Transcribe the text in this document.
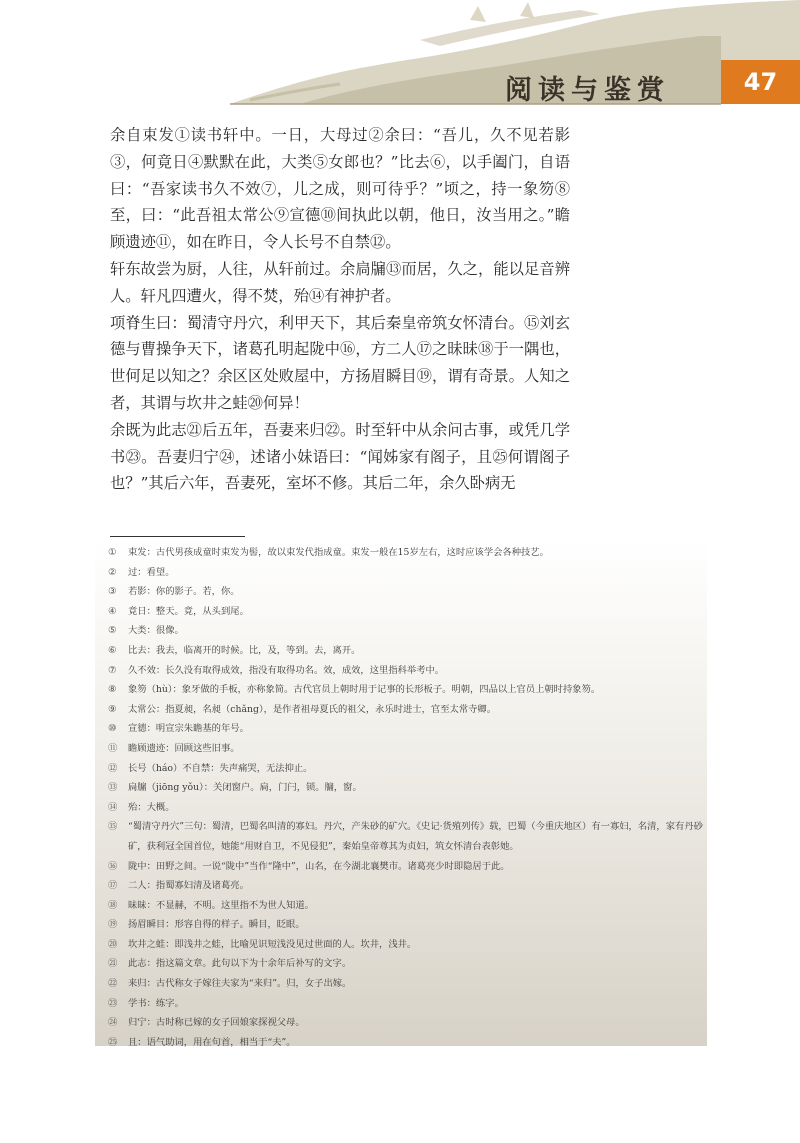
阅读与鉴赏	47

余自束发①读书轩中。一日，大母过②余曰：“吾儿，久不见若影③，何竟日④默默在此，大类⑤女郎也？”比去⑥，以手阖门，自语曰：“吾家读书久不效⑦，儿之成，则可待乎？”顷之，持一象笏⑧至，曰：“此吾祖太常公⑨宣德⑩间执此以朝，他日，汝当用之。”瞻顾遗迹⑪，如在昨日，令人长号不自禁⑫。

轩东故尝为厨，人往，从轩前过。余扃牖⑬而居，久之，能以足音辨人。轩凡四遭火，得不焚，殆⑭有神护者。

项脊生曰：蜀清守丹穴，利甲天下，其后秦皇帝筑女怀清台。⑮刘玄德与曹操争天下，诸葛孔明起陇中⑯，方二人⑰之昧昧⑱于一隅也，世何足以知之？余区区处败屋中，方扬眉瞬目⑲，谓有奇景。人知之者，其谓与坎井之蛙⑳何异！

余既为此志㉑后五年，吾妻来归㉒。时至轩中从余问古事，或凭几学书㉓。吾妻归宁㉔，述诸小妹语曰：“闻姊家有阁子，且㉕何谓阁子也？”其后六年，吾妻死，室坏不修。其后二年，余久卧病无

① 束发：古代男孩成童时束发为髻，故以束发代指成童。束发一般在15岁左右，这时应该学会各种技艺。
② 过：看望。
③ 若影：你的影子。若，你。
④ 竟日：整天。竟，从头到尾。
⑤ 大类：很像。
⑥ 比去：我去，临离开的时候。比，及，等到。去，离开。
⑦ 久不效：长久没有取得成效，指没有取得功名。效，成效，这里指科举考中。
⑧ 象笏（hù）：象牙做的手板，亦称象简。古代官员上朝时用于记事的长形板子。明朝，四品以上官员上朝时持象笏。
⑨ 太常公：指夏昶，名昶（chǎng），是作者祖母夏氏的祖父，永乐时进士，官至太常寺卿。
⑩ 宣德：明宣宗朱瞻基的年号。
⑪ 瞻顾遗迹：回顾这些旧事。
⑫ 长号（háo）不自禁：失声痛哭，无法抑止。
⑬ 扃牖（jiōng yǒu）：关闭窗户。扃，门闩，锁。牖，窗。
⑭ 殆：大概。
⑮ “蜀清守丹穴”三句：蜀清，巴蜀名叫清的寡妇。丹穴，产朱砂的矿穴。《史记·货殖列传》载，巴蜀（今重庆地区）有一寡妇，名清，家有丹砂矿，获利冠全国首位，她能“用财自卫，不见侵犯”，秦始皇帝尊其为贞妇，筑女怀清台表彰她。
⑯ 陇中：田野之间。一说“陇中”当作“隆中”，山名，在今湖北襄樊市。诸葛亮少时即隐居于此。
⑰ 二人：指蜀寡妇清及诸葛亮。
⑱ 昧昧：不显赫，不明。这里指不为世人知道。
⑲ 扬眉瞬目：形容自得的样子。瞬目，眨眼。
⑳ 坎井之蛙：即浅井之蛙，比喻见识短浅没见过世面的人。坎井，浅井。
㉑ 此志：指这篇文章。此句以下为十余年后补写的文字。
㉒ 来归：古代称女子嫁往夫家为“来归”。归，女子出嫁。
㉓ 学书：练字。
㉔ 归宁：古时称已嫁的女子回娘家探视父母。
㉕ 且：语气助词，用在句首，相当于“夫”。
